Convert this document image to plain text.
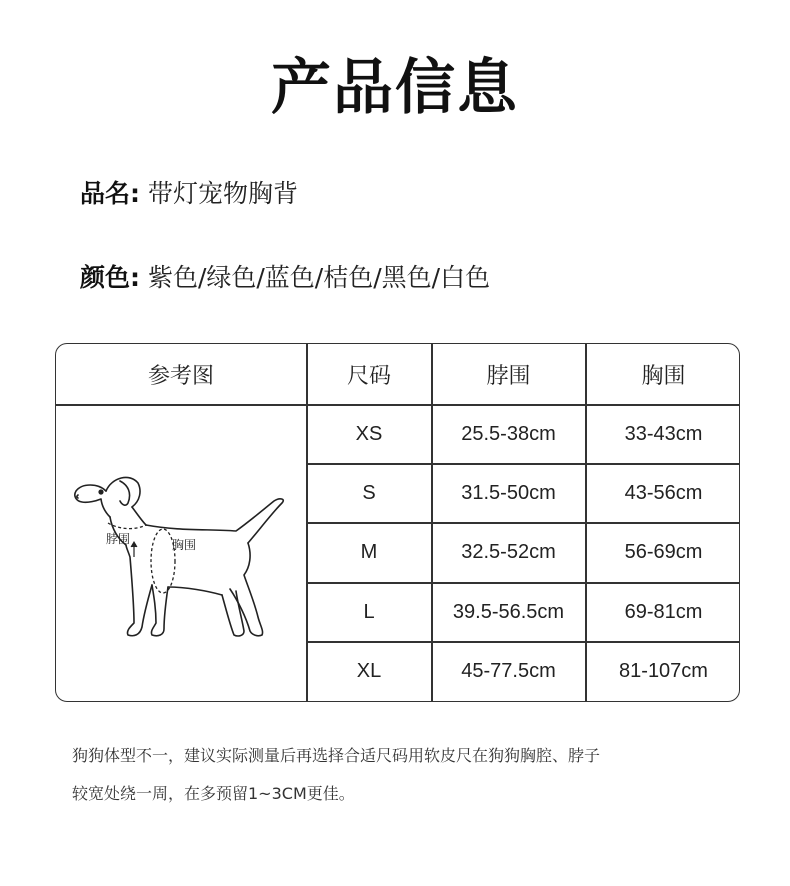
产品信息
品名: 带灯宠物胸背
颜色: 紫色/绿色/蓝色/桔色/黑色/白色
参考图	尺码	脖围	胸围
XS	25.5-38cm	33-43cm
S	31.5-50cm	43-56cm
M	32.5-52cm	56-69cm
L	39.5-56.5cm	69-81cm
XL	45-77.5cm	81-107cm
脖围	胸围
狗狗体型不一，建议实际测量后再选择合适尺码用软皮尺在狗狗胸腔、脖子
较宽处绕一周，在多预留1~3CM更佳。
